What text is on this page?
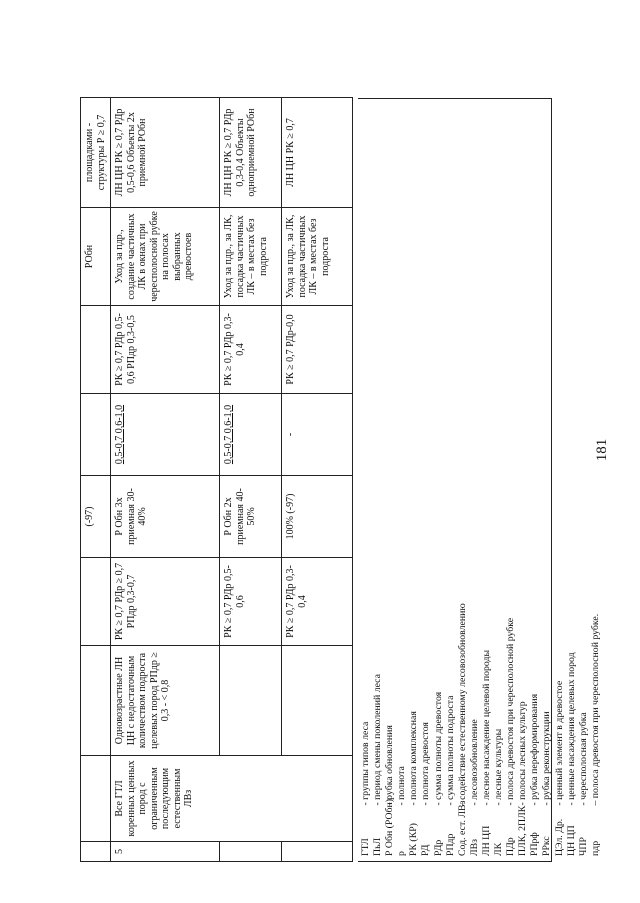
181
				(-97)			РОбн	площадками - структуры Р ≥ 0,7
5	Все ГТЛ коренных ценных пород с ограниченным последующим естественным ЛВз	Одновозрастные ЛН ЦН с недостаточным количеством подроста целевых пород РПдр ≥ 0,3 - < 0,8	РК ≥ 0,7 РДр ≥ 0,7 РПдр 0,3-0,7	Р Обн 3х приемная 30-40%	0,5-0,7 0,6-1,0	РК ≥ 0,7 РДр 0,5-0,6 РПдр 0,3-0,5	Уход за пдр., создание частичных ЛК в окнах при чересполосной рубке на полосах выбранных древостоев	ЛН ЦН РК ≥ 0,7 РДр 0,5-0,6 Объекты 2х приемной РОбн
			РК ≥ 0,7 РДр 0,5-0,6	Р Обн 2х приемная 40-50%	0,5-0,7 0,6-1,0	РК ≥ 0,7 РДр 0,3-0,4	Уход за пдр., за ЛК, посадка частичных ЛК – в местах без подроста	ЛН ЦН РК ≥ 0,7 РДр 0,3-0,4 Объекты одноприемной РОбн
			РК ≥ 0,7 РДр 0,3-0,4	100% (-97)	-	РК ≥ 0,7 РДр-0,0	Уход за пдр., за ЛК, посадка частичных ЛК – в местах без подроста	ЛН ЦН РК ≥ 0,7
ГТЛ - группы типов леса
ПьЛ - период смены поколений леса
Р Обн (РОбн) - рубка обновления
р - полнота
РК (КР) - полнота комплексная
РД - полнота древостоя
РДр - сумма полноты древостоя
РПдр - сумма полноты подроста
Сод. ест. ЛВз - содействие естественному лесовозобновлению
ЛВз - лесовозобновление
ЛН ЦП - лесное насаждение целевой породы
ЛК - лесные культуры
ПДр - полоса древостоя при чересполосной рубке
ПЛК, 2ПЛК - полосы лесных культур
РПрф - рубка переформирования
РРкс - рубка реконструкции
ЦЭл. Др. - ценный элемент в древостое
ЦН ЦП - ценные насаждения целевых пород
ЧПР - чересполосная рубка
пдр – полоса древостоя при чересполосной рубке.
